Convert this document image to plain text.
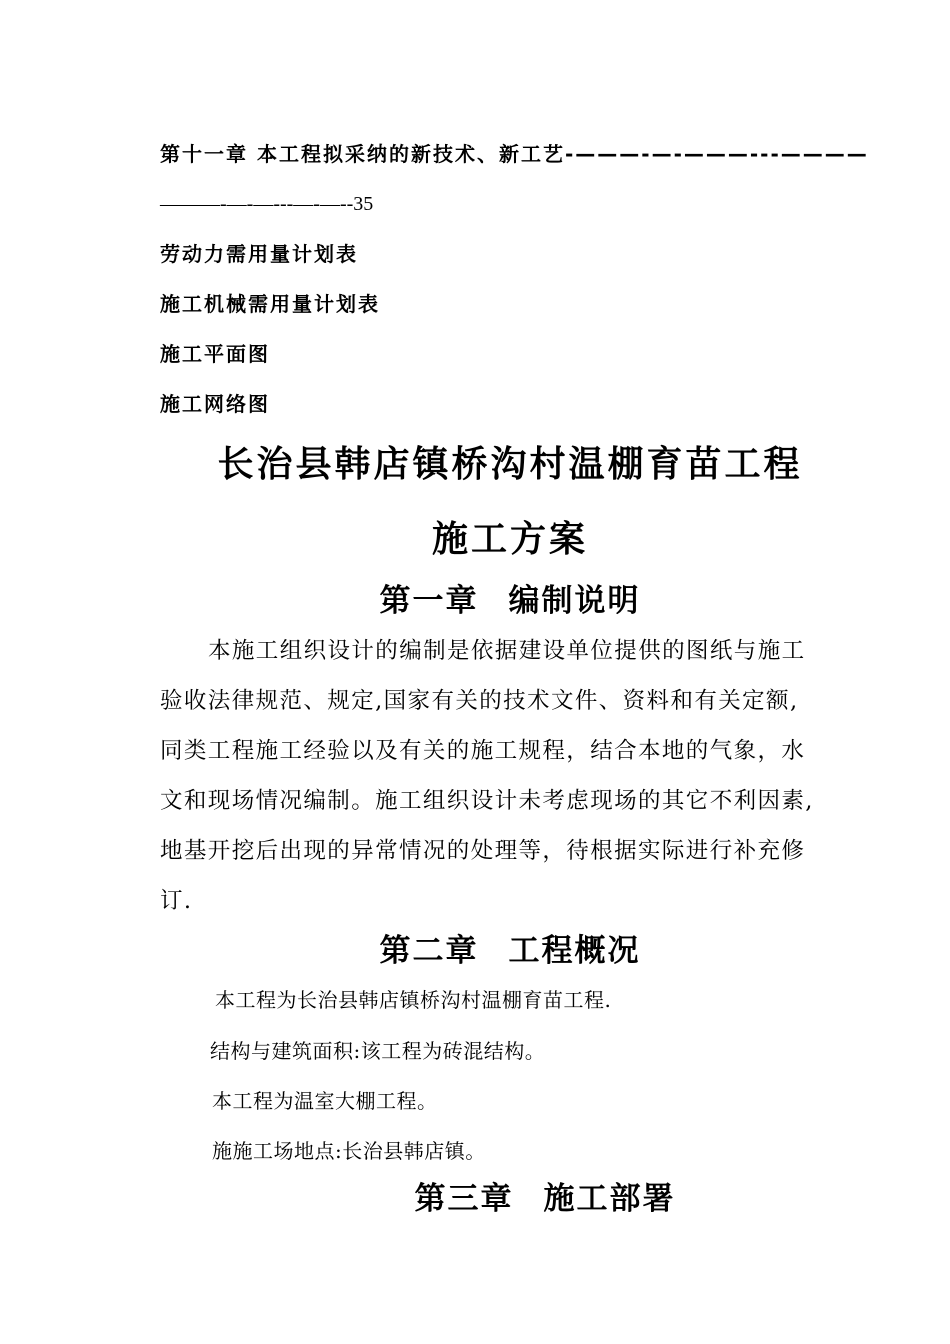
第十一章 本工程拟采纳的新技术、新工艺-———-—-———---————
———-—-—---—-—--35
劳动力需用量计划表
施工机械需用量计划表
施工平面图
施工网络图
长治县韩店镇桥沟村温棚育苗工程
施工方案
第一章 编制说明
本施工组织设计的编制是依据建设单位提供的图纸与施工
验收法律规范、规定,国家有关的技术文件、资料和有关定额,
同类工程施工经验以及有关的施工规程，结合本地的气象，水
文和现场情况编制。施工组织设计未考虑现场的其它不利因素,
地基开挖后出现的异常情况的处理等，待根据实际进行补充修
订.
第二章 工程概况
本工程为长治县韩店镇桥沟村温棚育苗工程.
结构与建筑面积:该工程为砖混结构。
本工程为温室大棚工程。
施施工场地点:长治县韩店镇。
第三章 施工部署
